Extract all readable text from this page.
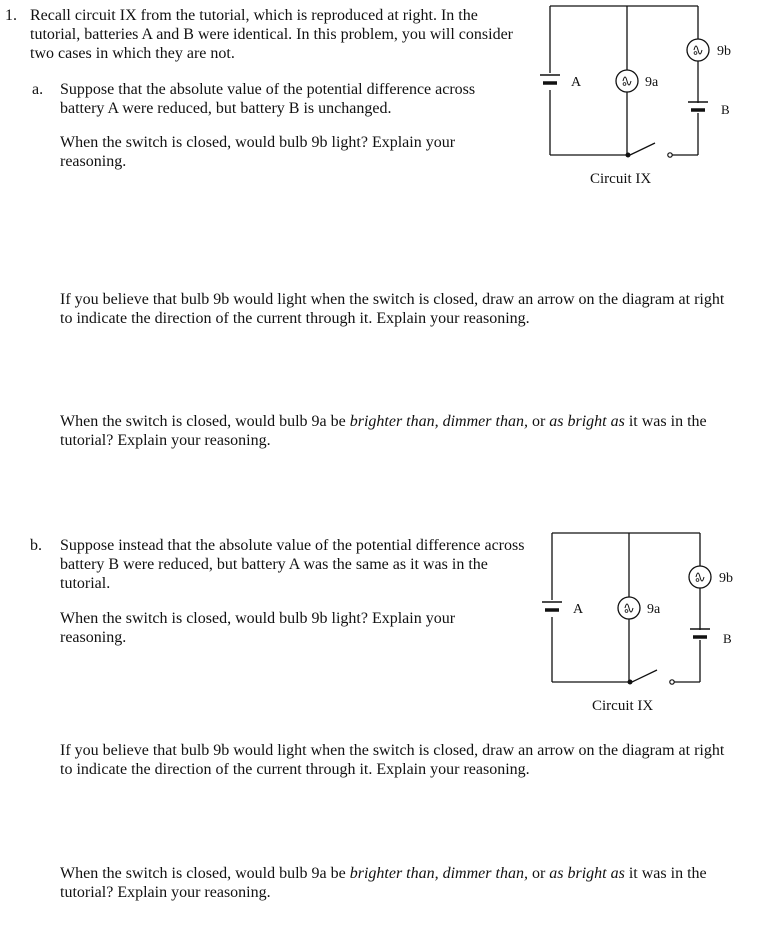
1. Recall circuit IX from the tutorial, which is reproduced at right. In the tutorial, batteries A and B were identical. In this problem, you will consider two cases in which they are not.

a. Suppose that the absolute value of the potential difference across battery A were reduced, but battery B is unchanged.

When the switch is closed, would bulb 9b light? Explain your reasoning.

If you believe that bulb 9b would light when the switch is closed, draw an arrow on the diagram at right to indicate the direction of the current through it. Explain your reasoning.

When the switch is closed, would bulb 9a be brighter than, dimmer than, or as bright as it was in the tutorial? Explain your reasoning.

b. Suppose instead that the absolute value of the potential difference across battery B were reduced, but battery A was the same as it was in the tutorial.

When the switch is closed, would bulb 9b light? Explain your reasoning.

If you believe that bulb 9b would light when the switch is closed, draw an arrow on the diagram at right to indicate the direction of the current through it. Explain your reasoning.

When the switch is closed, would bulb 9a be brighter than, dimmer than, or as bright as it was in the tutorial? Explain your reasoning.

A	9a
9b
B
Circuit IX
A	9a
9b
B
Circuit IX
